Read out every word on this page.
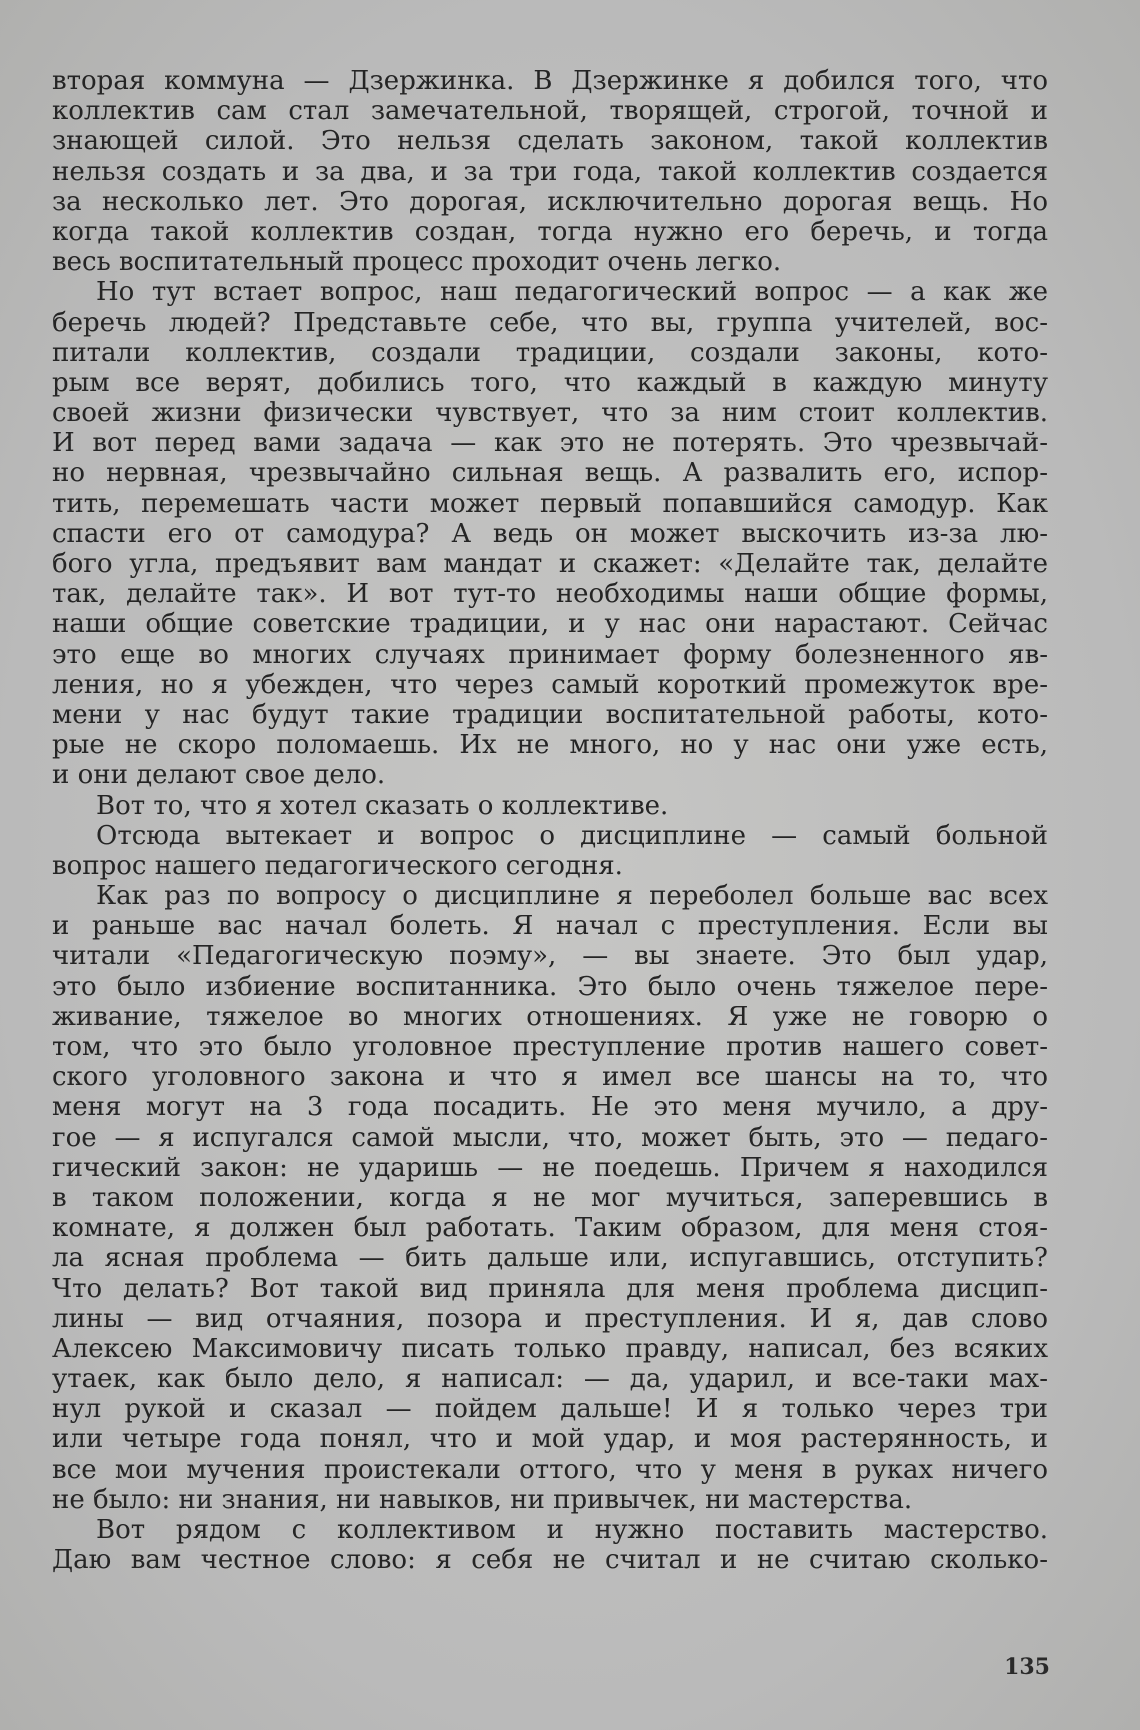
вторая коммуна — Дзержинка. В Дзержинке я добился того, что
коллектив сам стал замечательной, творящей, строгой, точной и
знающей силой. Это нельзя сделать законом, такой коллектив
нельзя создать и за два, и за три года, такой коллектив создается
за несколько лет. Это дорогая, исключительно дорогая вещь. Но
когда такой коллектив создан, тогда нужно его беречь, и тогда
весь воспитательный процесс проходит очень легко.
Но тут встает вопрос, наш педагогический вопрос — а как же
беречь людей? Представьте себе, что вы, группа учителей, вос-
питали коллектив, создали традиции, создали законы, кото-
рым все верят, добились того, что каждый в каждую минуту
своей жизни физически чувствует, что за ним стоит коллектив.
И вот перед вами задача — как это не потерять. Это чрезвычай-
но нервная, чрезвычайно сильная вещь. А развалить его, испор-
тить, перемешать части может первый попавшийся самодур. Как
спасти его от самодура? А ведь он может выскочить из-за лю-
бого угла, предъявит вам мандат и скажет: «Делайте так, делайте
так, делайте так». И вот тут-то необходимы наши общие формы,
наши общие советские традиции, и у нас они нарастают. Сейчас
это еще во многих случаях принимает форму болезненного яв-
ления, но я убежден, что через самый короткий промежуток вре-
мени у нас будут такие традиции воспитательной работы, кото-
рые не скоро поломаешь. Их не много, но у нас они уже есть,
и они делают свое дело.
Вот то, что я хотел сказать о коллективе.
Отсюда вытекает и вопрос о дисциплине — самый больной
вопрос нашего педагогического сегодня.
Как раз по вопросу о дисциплине я переболел больше вас всех
и раньше вас начал болеть. Я начал с преступления. Если вы
читали «Педагогическую поэму», — вы знаете. Это был удар,
это было избиение воспитанника. Это было очень тяжелое пере-
живание, тяжелое во многих отношениях. Я уже не говорю о
том, что это было уголовное преступление против нашего совет-
ского уголовного закона и что я имел все шансы на то, что
меня могут на 3 года посадить. Не это меня мучило, а дру-
гое — я испугался самой мысли, что, может быть, это — педаго-
гический закон: не ударишь — не поедешь. Причем я находился
в таком положении, когда я не мог мучиться, заперевшись в
комнате, я должен был работать. Таким образом, для меня стоя-
ла ясная проблема — бить дальше или, испугавшись, отступить?
Что делать? Вот такой вид приняла для меня проблема дисцип-
лины — вид отчаяния, позора и преступления. И я, дав слово
Алексею Максимовичу писать только правду, написал, без всяких
утаек, как было дело, я написал: — да, ударил, и все-таки мах-
нул рукой и сказал — пойдем дальше! И я только через три
или четыре года понял, что и мой удар, и моя растерянность, и
все мои мучения проистекали оттого, что у меня в руках ничего
не было: ни знания, ни навыков, ни привычек, ни мастерства.
Вот рядом с коллективом и нужно поставить мастерство.
Даю вам честное слово: я себя не считал и не считаю сколько-
135
